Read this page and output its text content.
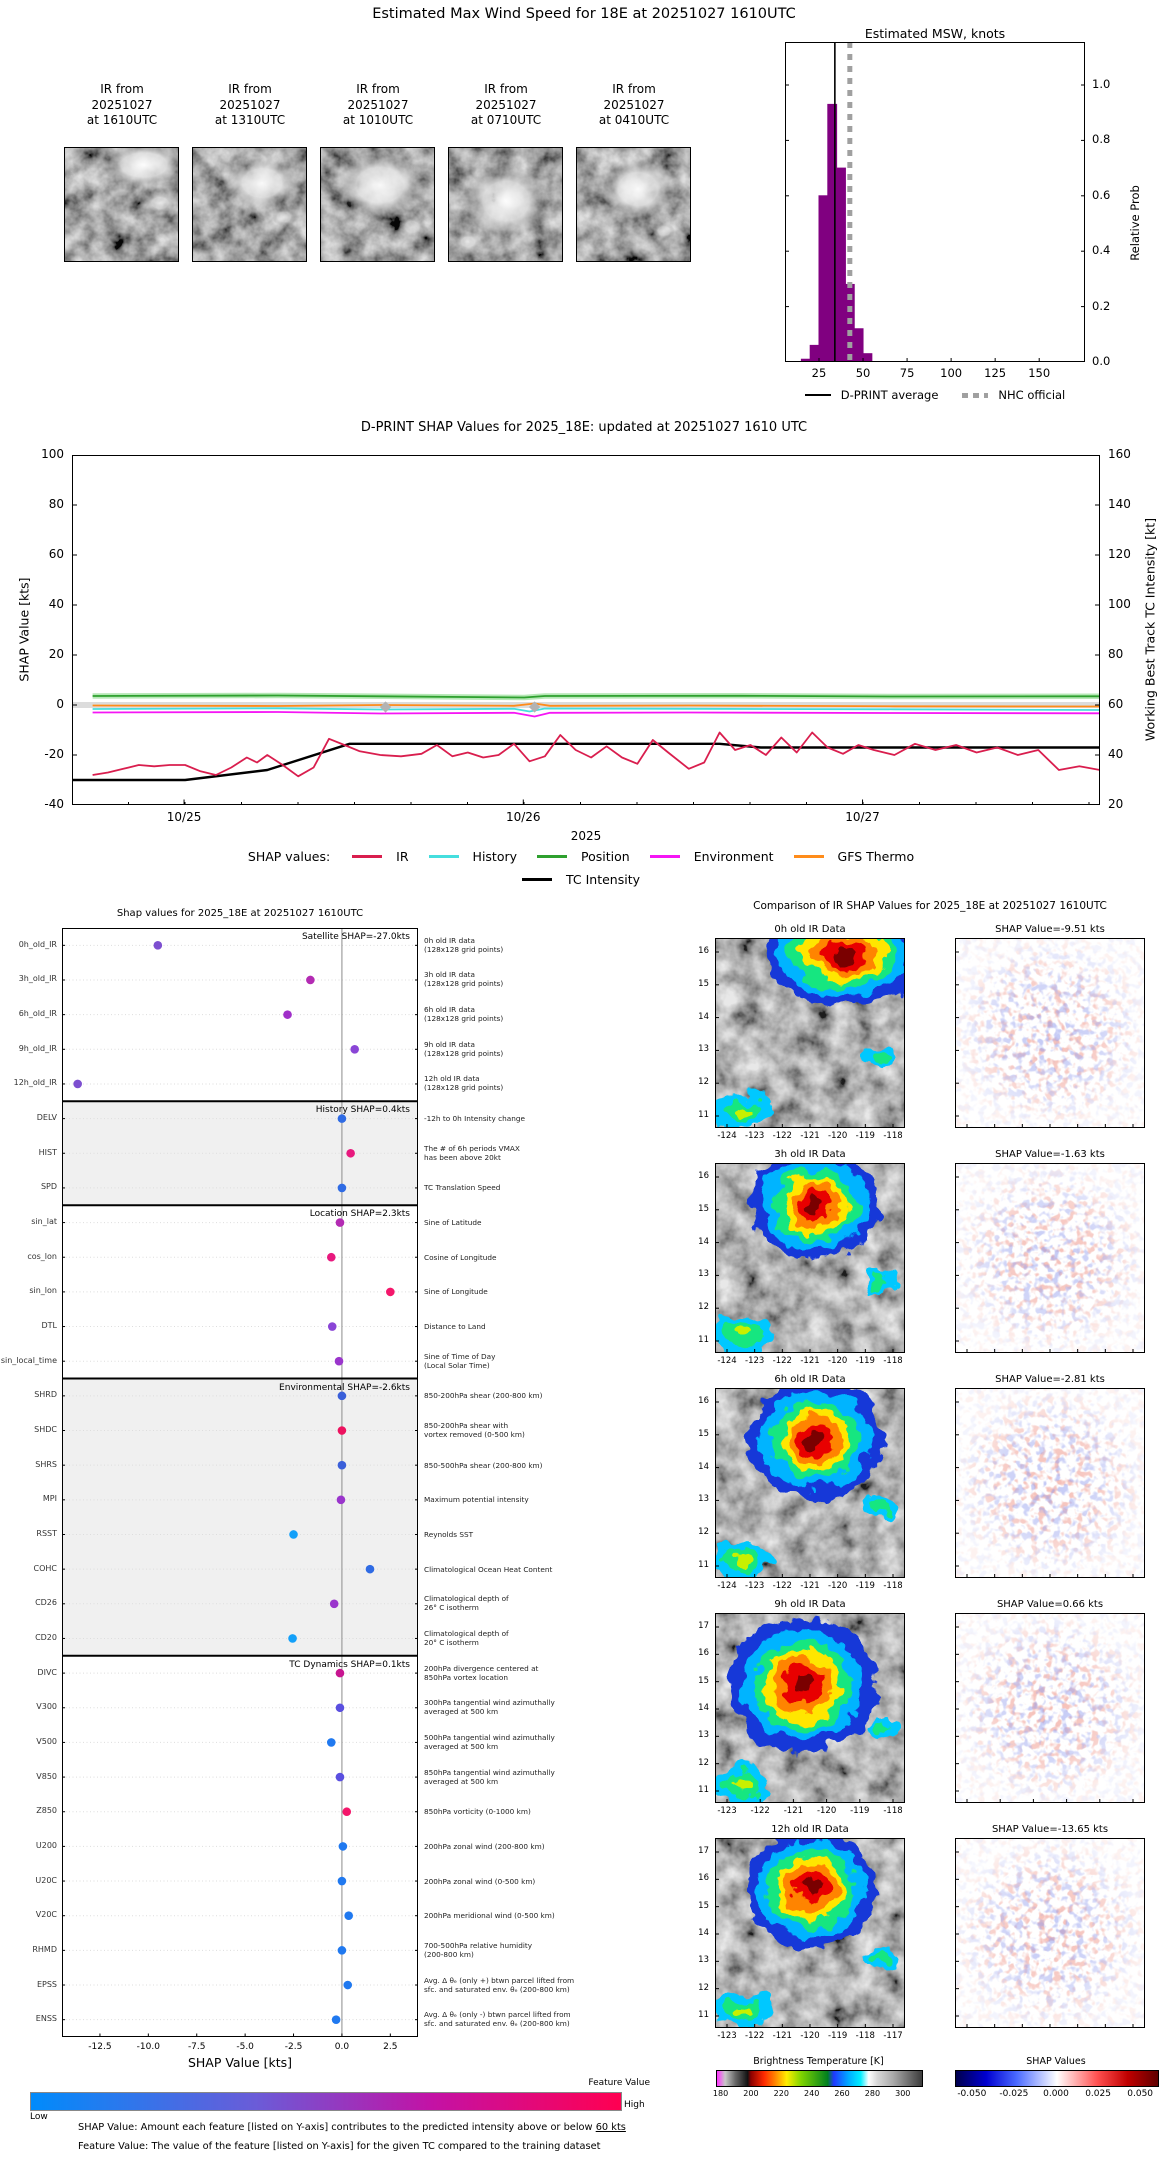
Estimated Max Wind Speed for 18E at 20251027 1610UTC
IR from
20251027
at 1610UTC
IR from
20251027
at 1310UTC
IR from
20251027
at 1010UTC
IR from
20251027
at 0710UTC
IR from
20251027
at 0410UTC
Estimated MSW, knots
25	50	75	100	125	150
1.0
0.8
0.6
0.4
0.2
0.0
Relative Prob
D-PRINT average	NHC official
D-PRINT SHAP Values for 2025_18E: updated at 20251027 1610 UTC
100
80
60
40
20
0
-20
-40
160
140
120
100
80
60
40
20
10/25	10/26	10/27
2025
SHAP Value [kts]	Working Best Track TC Intensity [kt]
SHAP values:	IR	History	Position	Environment	GFS Thermo
TC Intensity
Shap values for 2025_18E at 20251027 1610UTC
0h_old_IR	0h old IR data
(128x128 grid points)
3h_old_IR	3h old IR data
(128x128 grid points)
6h_old_IR	6h old IR data
(128x128 grid points)
9h_old_IR	9h old IR data
(128x128 grid points)
12h_old_IR	12h old IR data
(128x128 grid points)
DELV	-12h to 0h Intensity change
HIST	The # of 6h periods VMAX
has been above 20kt
SPD	TC Translation Speed
sin_lat	Sine of Latitude
cos_lon	Cosine of Longitude
sin_lon	Sine of Longitude
DTL	Distance to Land
sin_local_time	Sine of Time of Day
(Local Solar Time)
SHRD	850-200hPa shear (200-800 km)
SHDC	850-200hPa shear with
vortex removed (0-500 km)
SHRS	850-500hPa shear (200-800 km)
MPI	Maximum potential intensity
RSST	Reynolds SST
COHC	Climatological Ocean Heat Content
CD26	Climatological depth of
26° C isotherm
CD20	Climatological depth of
20° C isotherm
DIVC	200hPa divergence centered at
850hPa vortex location
V300	300hPa tangential wind azimuthally
averaged at 500 km
V500	500hPa tangential wind azimuthally
averaged at 500 km
V850	850hPa tangential wind azimuthally
averaged at 500 km
Z850	850hPa vorticity (0-1000 km)
U200	200hPa zonal wind (200-800 km)
U20C	200hPa zonal wind (0-500 km)
V20C	200hPa meridional wind (0-500 km)
RHMD	700-500hPa relative humidity
(200-800 km)
EPSS	Avg. Δ θₑ (only +) btwn parcel lifted from
sfc. and saturated env. θₑ (200-800 km)
ENSS	Avg. Δ θₑ (only -) btwn parcel lifted from
sfc. and saturated env. θₑ (200-800 km)
Satellite SHAP=-27.0kts
History SHAP=0.4kts
Location SHAP=2.3kts
Environmental SHAP=-2.6kts
TC Dynamics SHAP=0.1kts
-12.5	-10.0	-7.5	-5.0	-2.5	0.0	2.5
SHAP Value [kts]
Feature Value
Low
High
Comparison of IR SHAP Values for 2025_18E at 20251027 1610UTC
0h old IR Data	SHAP Value=-9.51 kts
16
15
14
13
12
11
-124 -123 -122 -121 -120 -119 -118
3h old IR Data	SHAP Value=-1.63 kts
16
15
14
13
12
11
-124 -123 -122 -121 -120 -119 -118
6h old IR Data	SHAP Value=-2.81 kts
16
15
14
13
12
11
-124 -123 -122 -121 -120 -119 -118
9h old IR Data	SHAP Value=0.66 kts
17
16
15
14
13
12
11
-123	-122	-121	-120	-119	-118
12h old IR Data	SHAP Value=-13.65 kts
17
16
15
14
13
12
11
-123 -122 -121 -120 -119 -118 -117
Brightness Temperature [K]
180	200	220	240	260	280	300
SHAP Values
-0.050	-0.025	0.000	0.025	0.050
SHAP Value: Amount each feature [listed on Y-axis] contributes to the predicted intensity above or below 60 kts
Feature Value: The value of the feature [listed on Y-axis] for the given TC compared to the training dataset
